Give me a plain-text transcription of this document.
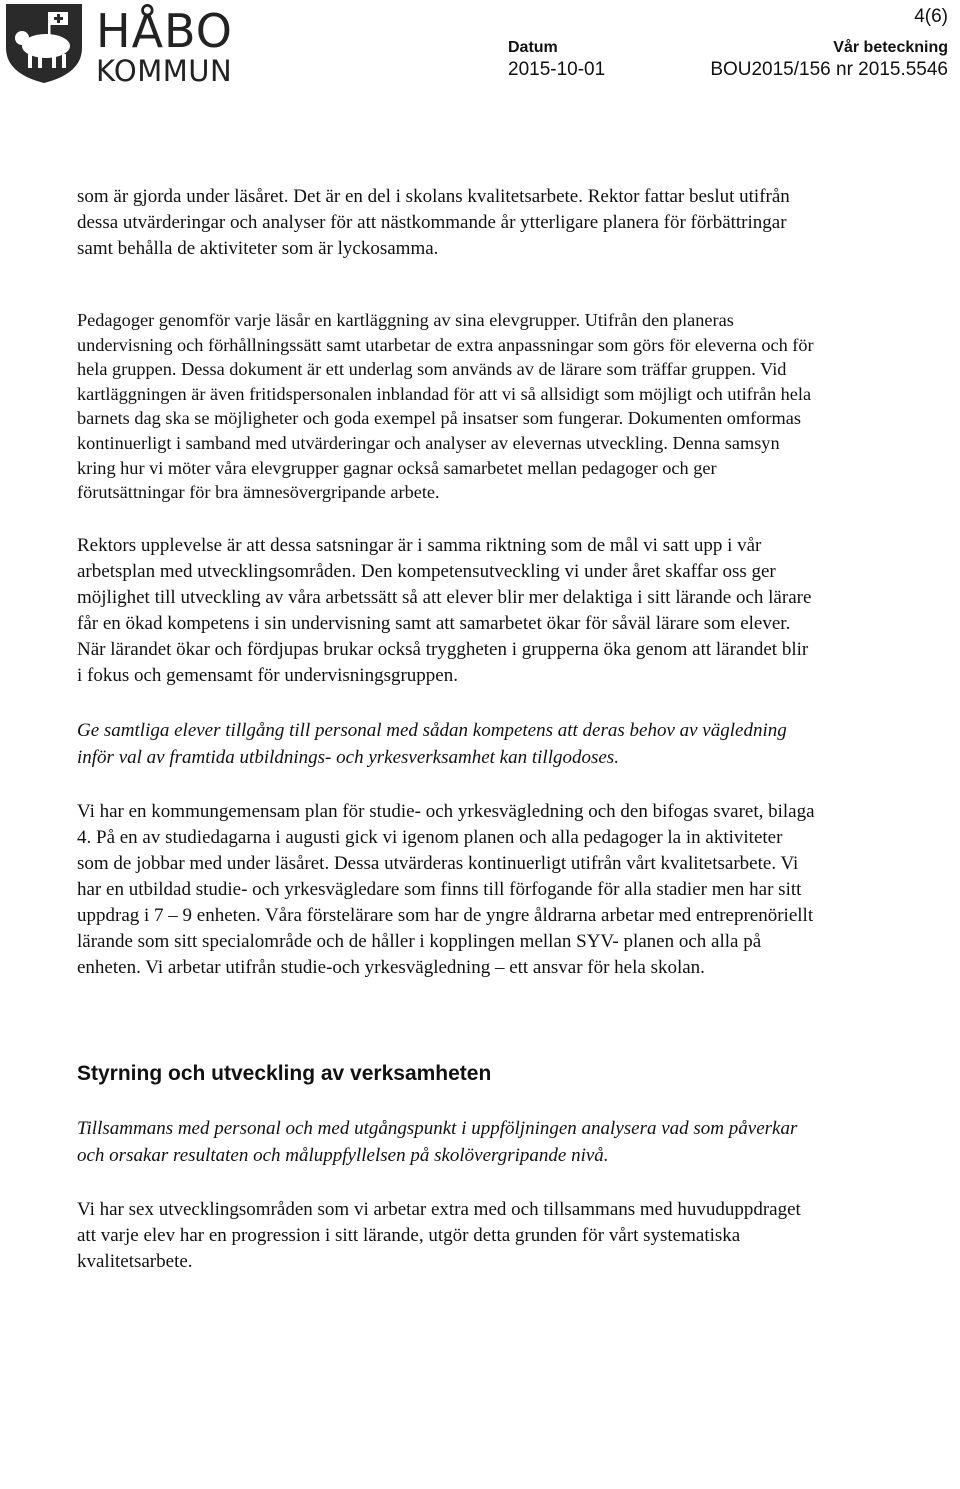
HÅBO
KOMMUN
4(6)
Datum
2015-10-01
Vår beteckning
BOU2015/156 nr 2015.5546

som är gjorda under läsåret. Det är en del i skolans kvalitetsarbete. Rektor fattar beslut utifrån dessa utvärderingar och analyser för att nästkommande år ytterligare planera för förbättringar samt behålla de aktiviteter som är lyckosamma.

Pedagoger genomför varje läsår en kartläggning av sina elevgrupper. Utifrån den planeras undervisning och förhållningssätt samt utarbetar de extra anpassningar som görs för eleverna och för hela gruppen. Dessa dokument är ett underlag som används av de lärare som träffar gruppen. Vid kartläggningen är även fritidspersonalen inblandad för att vi så allsidigt som möjligt och utifrån hela barnets dag ska se möjligheter och goda exempel på insatser som fungerar. Dokumenten omformas kontinuerligt i samband med utvärderingar och analyser av elevernas utveckling. Denna samsyn kring hur vi möter våra elevgrupper gagnar också samarbetet mellan pedagoger och ger förutsättningar för bra ämnesövergripande arbete.

Rektors upplevelse är att dessa satsningar är i samma riktning som de mål vi satt upp i vår arbetsplan med utvecklingsområden. Den kompetensutveckling vi under året skaffar oss ger möjlighet till utveckling av våra arbetssätt så att elever blir mer delaktiga i sitt lärande och lärare får en ökad kompetens i sin undervisning samt att samarbetet ökar för såväl lärare som elever.

När lärandet ökar och fördjupas brukar också tryggheten i grupperna öka genom att lärandet blir i fokus och gemensamt för undervisningsgruppen.

Ge samtliga elever tillgång till personal med sådan kompetens att deras behov av vägledning inför val av framtida utbildnings- och yrkesverksamhet kan tillgodoses.

Vi har en kommungemensam plan för studie- och yrkesvägledning och den bifogas svaret, bilaga 4. På en av studiedagarna i augusti gick vi igenom planen och alla pedagoger la in aktiviteter som de jobbar med under läsåret. Dessa utvärderas kontinuerligt utifrån vårt kvalitetsarbete. Vi har en utbildad studie- och yrkesvägledare som finns till förfogande för alla stadier men har sitt uppdrag i 7 – 9 enheten. Våra förstelärare som har de yngre åldrarna arbetar med entreprenöriellt lärande som sitt specialområde och de håller i kopplingen mellan SYV- planen och alla på enheten. Vi arbetar utifrån studie-och yrkesvägledning – ett ansvar för hela skolan.

Styrning och utveckling av verksamheten

Tillsammans med personal och med utgångspunkt i uppföljningen analysera vad som påverkar och orsakar resultaten och måluppfyllelsen på skolövergripande nivå.

Vi har sex utvecklingsområden som vi arbetar extra med och tillsammans med huvuduppdraget att varje elev har en progression i sitt lärande, utgör detta grunden för vårt systematiska kvalitetsarbete.
